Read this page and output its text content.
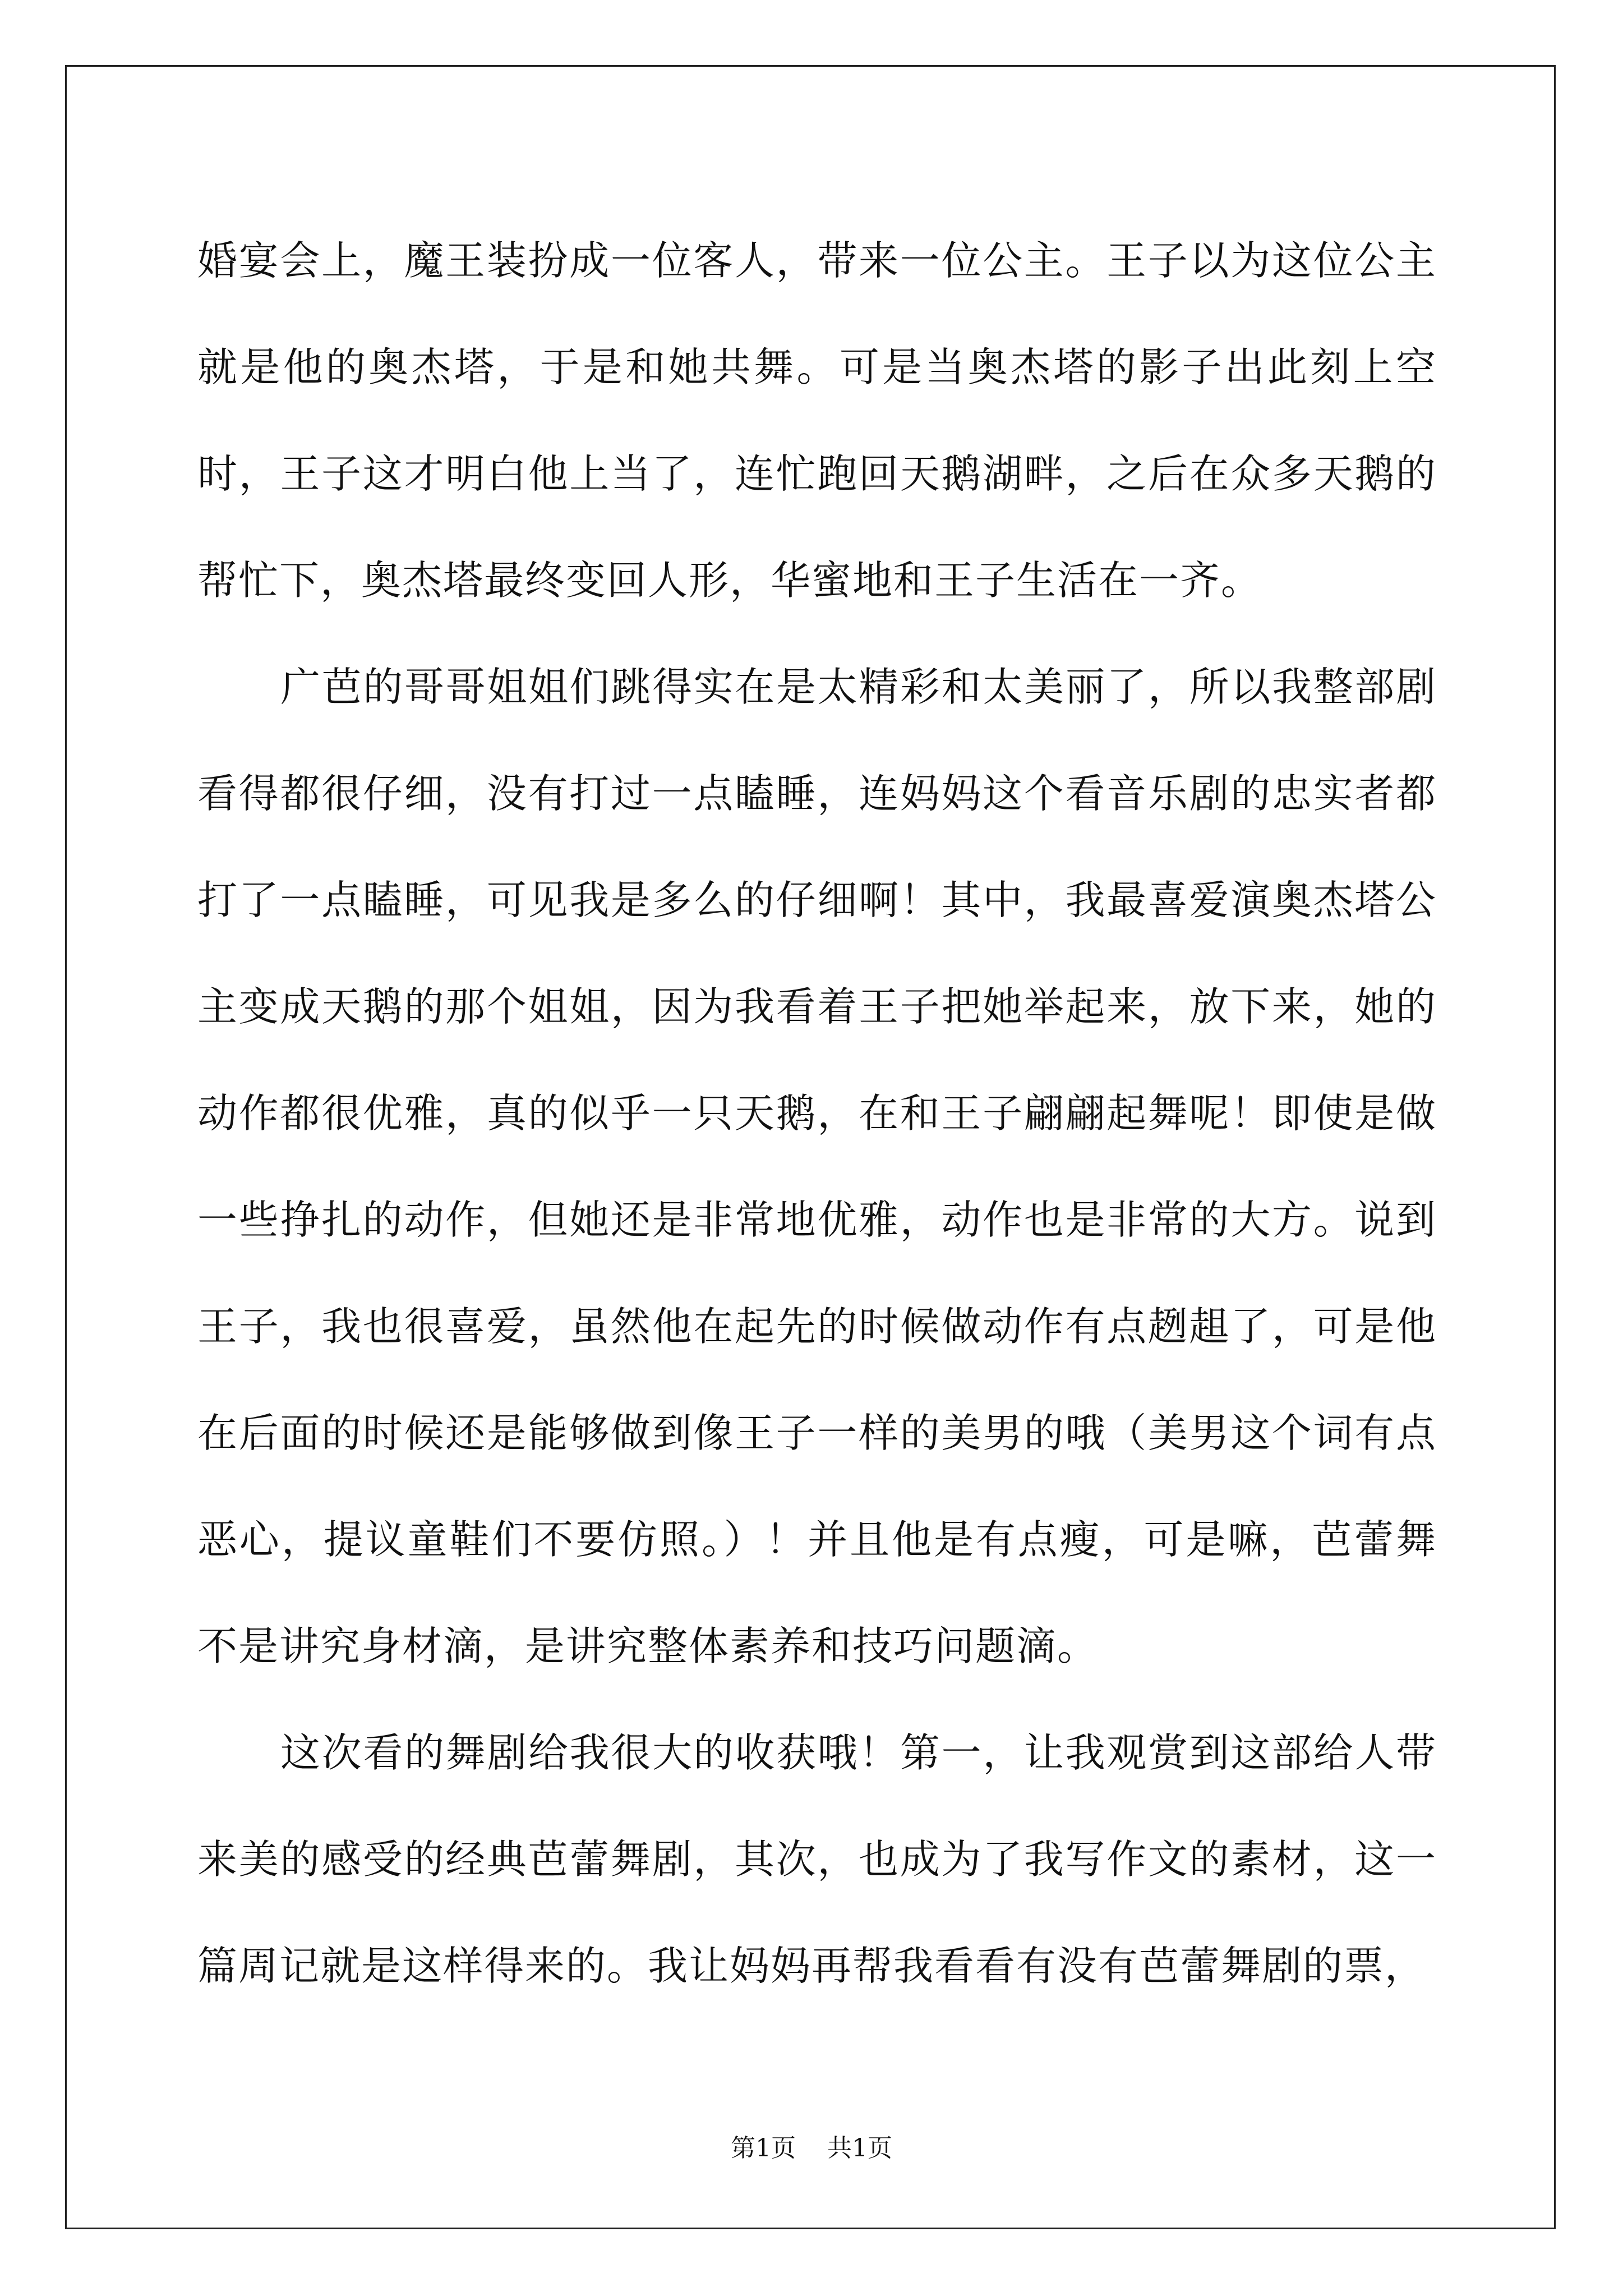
婚宴会上，魔王装扮成一位客人，带来一位公主。王子以为这位公主就是他的奥杰塔，于是和她共舞。可是当奥杰塔的影子出此刻上空时，王子这才明白他上当了，连忙跑回天鹅湖畔，之后在众多天鹅的帮忙下，奥杰塔最终变回人形，华蜜地和王子生活在一齐。

广芭的哥哥姐姐们跳得实在是太精彩和太美丽了，所以我整部剧看得都很仔细，没有打过一点瞌睡，连妈妈这个看音乐剧的忠实者都打了一点瞌睡，可见我是多么的仔细啊！其中，我最喜爱演奥杰塔公主变成天鹅的那个姐姐，因为我看着王子把她举起来，放下来，她的动作都很优雅，真的似乎一只天鹅，在和王子翩翩起舞呢！即使是做一些挣扎的动作，但她还是非常地优雅，动作也是非常的大方。说到王子，我也很喜爱，虽然他在起先的时候做动作有点趔趄了，可是他在后面的时候还是能够做到像王子一样的美男的哦（美男这个词有点恶心，提议童鞋们不要仿照。）！并且他是有点瘦，可是嘛，芭蕾舞不是讲究身材滴，是讲究整体素养和技巧问题滴。

这次看的舞剧给我很大的收获哦！第一，让我观赏到这部给人带来美的感受的经典芭蕾舞剧，其次，也成为了我写作文的素材，这一篇周记就是这样得来的。我让妈妈再帮我看看有没有芭蕾舞剧的票，

第1页 共1页
